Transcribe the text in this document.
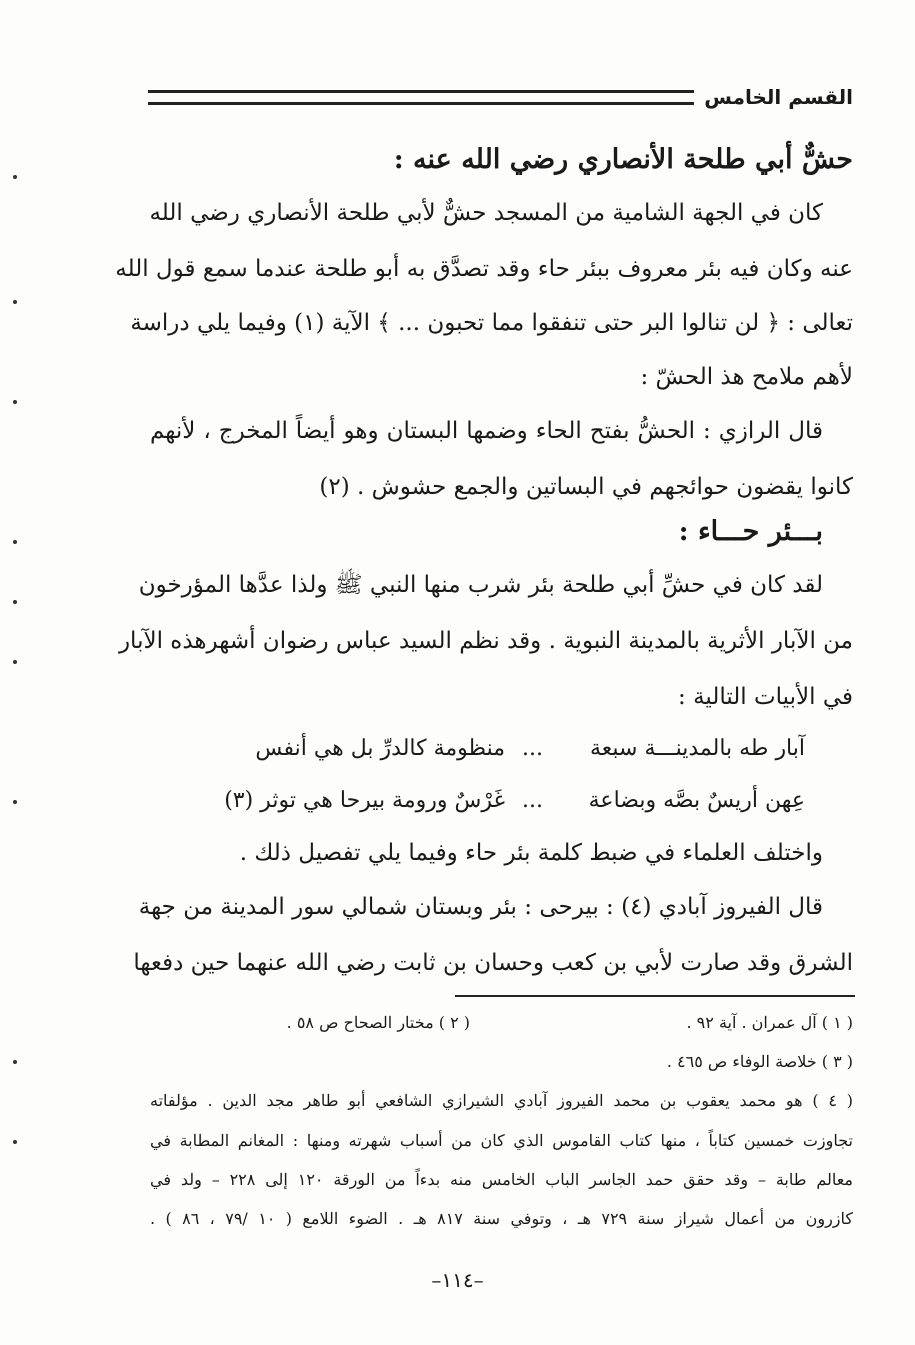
القسم الخامس
حشٌّ أبي طلحة الأنصاري رضي الله عنه :
كان في الجهة الشامية من المسجد حشٌّ لأبي طلحة الأنصاري رضي الله
عنه وكان فيه بئر معروف ببئر حاء وقد تصدَّق به أبو طلحة عندما سمع قول الله
تعالى : ﴿ لن تنالوا البر حتى تنفقوا مما تحبون ... ﴾ الآية (١) وفيما يلي دراسة
لأهم ملامح هذ الحشّ :
قال الرازي : الحشُّ بفتح الحاء وضمها البستان وهو أيضاً المخرج ، لأنهم
كانوا يقضون حوائجهم في البساتين والجمع حشوش . (٢)
بـــئر حـــاء :
لقد كان في حشِّ أبي طلحة بئر شرب منها النبي ﷺ ولذا عدَّها المؤرخون
من الآبار الأثرية بالمدينة النبوية . وقد نظم السيد عباس رضوان أشهرهذه الآبار
في الأبيات التالية :
آبار طه بالمدينـــة سبعة
...
منظومة كالدرِّ بل هي أنفس
عِهن أريسٌ بصَّه وبضاعة
...
غَرْسٌ ورومة بيرحا هي توثر (٣)
واختلف العلماء في ضبط كلمة بئر حاء وفيما يلي تفصيل ذلك .
قال الفيروز آبادي (٤) : بيرحى : بئر وبستان شمالي سور المدينة من جهة
الشرق وقد صارت لأبي بن كعب وحسان بن ثابت رضي الله عنهما حين دفعها
( ١ ) آل عمران . آية ٩٢ .
( ٢ ) مختار الصحاح ص ٥٨ .
( ٣ ) خلاصة الوفاء ص ٤٦٥ .
( ٤ ) هو محمد يعقوب بن محمد الفيروز آبادي الشيرازي الشافعي أبو طاهر مجد الدين . مؤلفاته
تجاوزت خمسين كتاباً ، منها كتاب القاموس الذي كان من أسباب شهرته ومنها : المغانم المطابة في
معالم طابة – وقد حقق حمد الجاسر الباب الخامس منه بدءاً من الورقة ١٢٠ إلى ٢٢٨ – ولد في
كازرون من أعمال شيراز سنة ٧٢٩ هـ ، وتوفي سنة ٨١٧ هـ . الضوء اللامع ( ١٠ /٧٩ ، ٨٦ ) .
–١١٤–
